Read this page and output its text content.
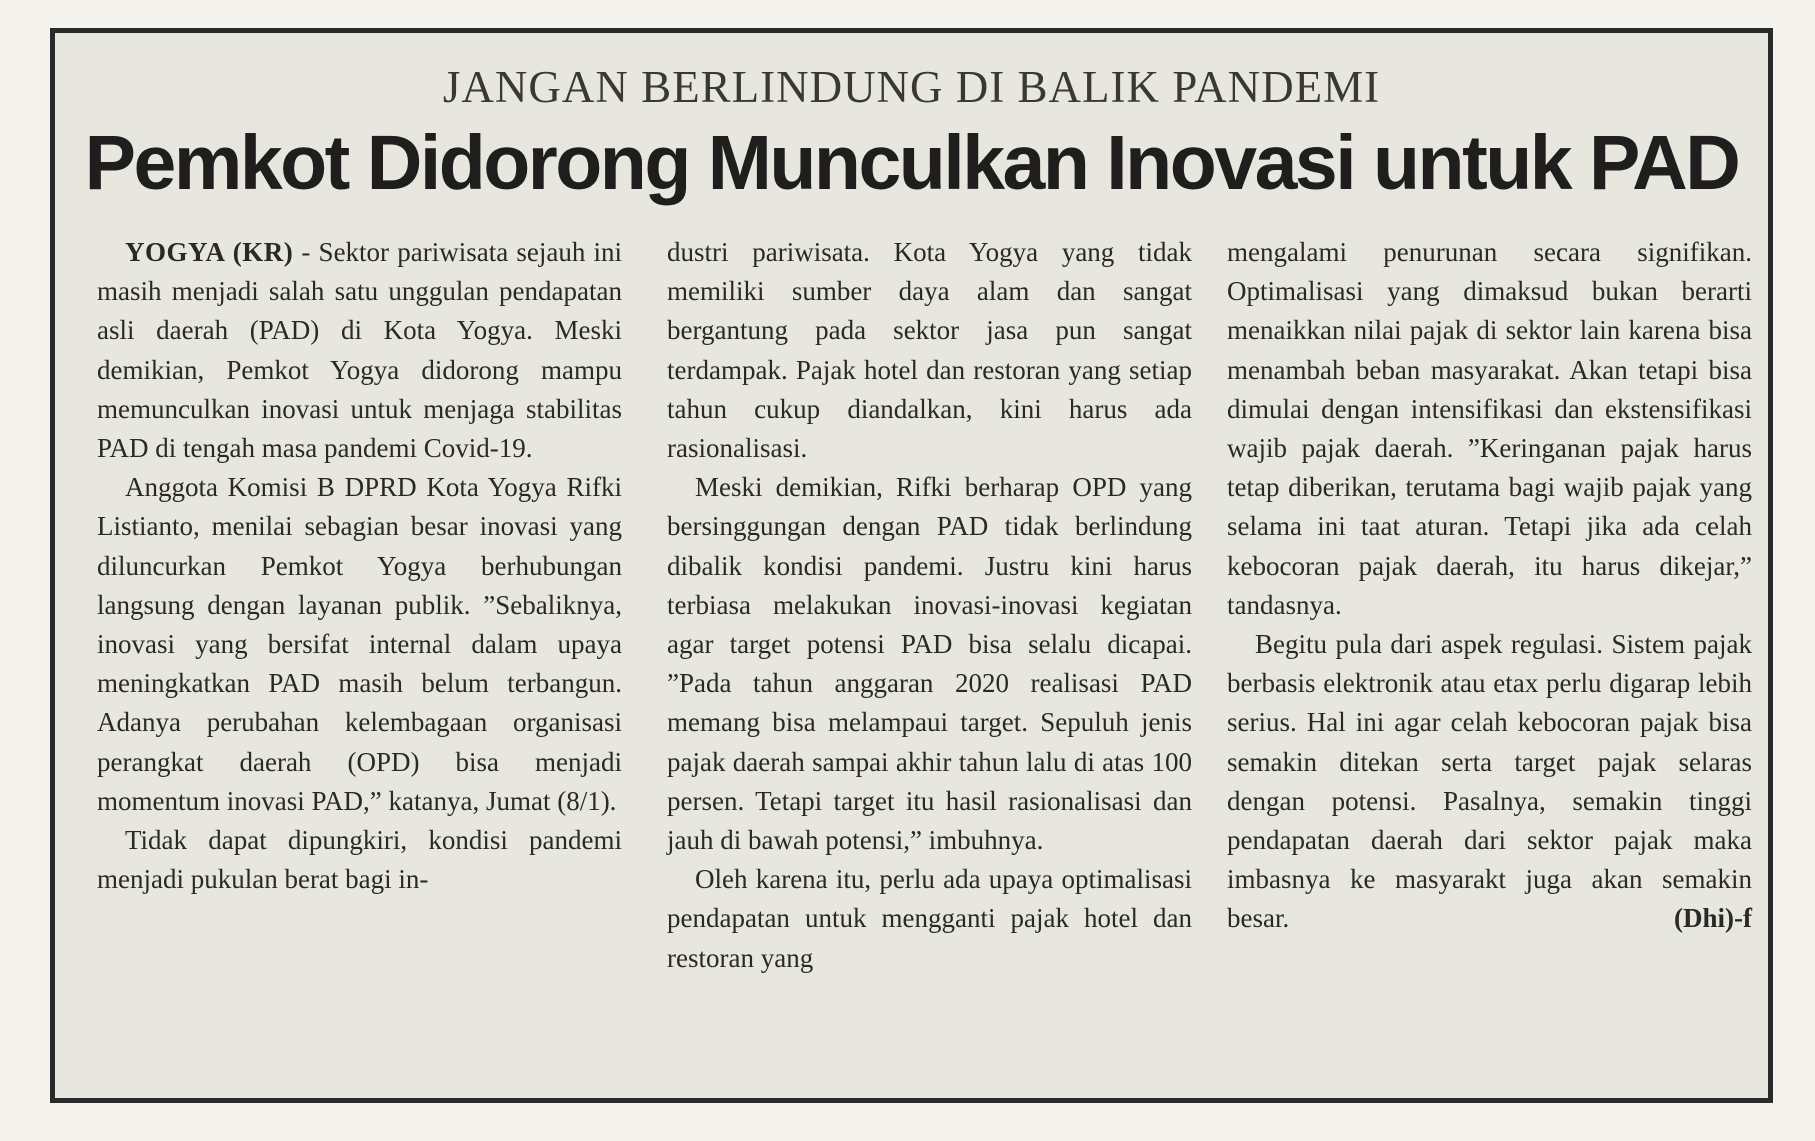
JANGAN BERLINDUNG DI BALIK PANDEMI
Pemkot Didorong Munculkan Inovasi untuk PAD

YOGYA (KR) - Sektor pariwisata sejauh ini masih menjadi salah satu unggulan pendapatan asli daerah (PAD) di Kota Yogya. Meski demikian, Pemkot Yogya didorong mampu memunculkan inovasi untuk menjaga stabilitas PAD di tengah masa pandemi Covid-19.

Anggota Komisi B DPRD Kota Yogya Rifki Listianto, menilai sebagian besar inovasi yang diluncurkan Pemkot Yogya berhubungan langsung dengan layanan publik. ”Sebaliknya, inovasi yang bersifat internal dalam upaya meningkatkan PAD masih belum terbangun. Adanya perubahan kelembagaan organisasi perangkat daerah (OPD) bisa menjadi momentum inovasi PAD,” katanya, Jumat (8/1).

Tidak dapat dipungkiri, kondisi pandemi menjadi pukulan berat bagi in-

dustri pariwisata. Kota Yogya yang tidak memiliki sumber daya alam dan sangat bergantung pada sektor jasa pun sangat terdampak. Pajak hotel dan restoran yang setiap tahun cukup diandalkan, kini harus ada rasionalisasi.

Meski demikian, Rifki berharap OPD yang bersinggungan dengan PAD tidak berlindung dibalik kondisi pandemi. Justru kini harus terbiasa melakukan inovasi-inovasi kegiatan agar target potensi PAD bisa selalu dicapai. ”Pada tahun anggaran 2020 realisasi PAD memang bisa melampaui target. Sepuluh jenis pajak daerah sampai akhir tahun lalu di atas 100 persen. Tetapi target itu hasil rasionalisasi dan jauh di bawah potensi,” imbuhnya.

Oleh karena itu, perlu ada upaya optimalisasi pendapatan untuk mengganti pajak hotel dan restoran yang

mengalami penurunan secara signifikan. Optimalisasi yang dimaksud bukan berarti menaikkan nilai pajak di sektor lain karena bisa menambah beban masyarakat. Akan tetapi bisa dimulai dengan intensifikasi dan ekstensifikasi wajib pajak daerah. ”Keringanan pajak harus tetap diberikan, terutama bagi wajib pajak yang selama ini taat aturan. Tetapi jika ada celah kebocoran pajak daerah, itu harus dikejar,” tandasnya.

Begitu pula dari aspek regulasi. Sistem pajak berbasis elektronik atau etax perlu digarap lebih serius. Hal ini agar celah kebocoran pajak bisa semakin ditekan serta target pajak selaras dengan potensi. Pasalnya, semakin tinggi pendapatan daerah dari sektor pajak maka imbasnya ke masyarakt juga akan semakin besar.	(Dhi)-f
